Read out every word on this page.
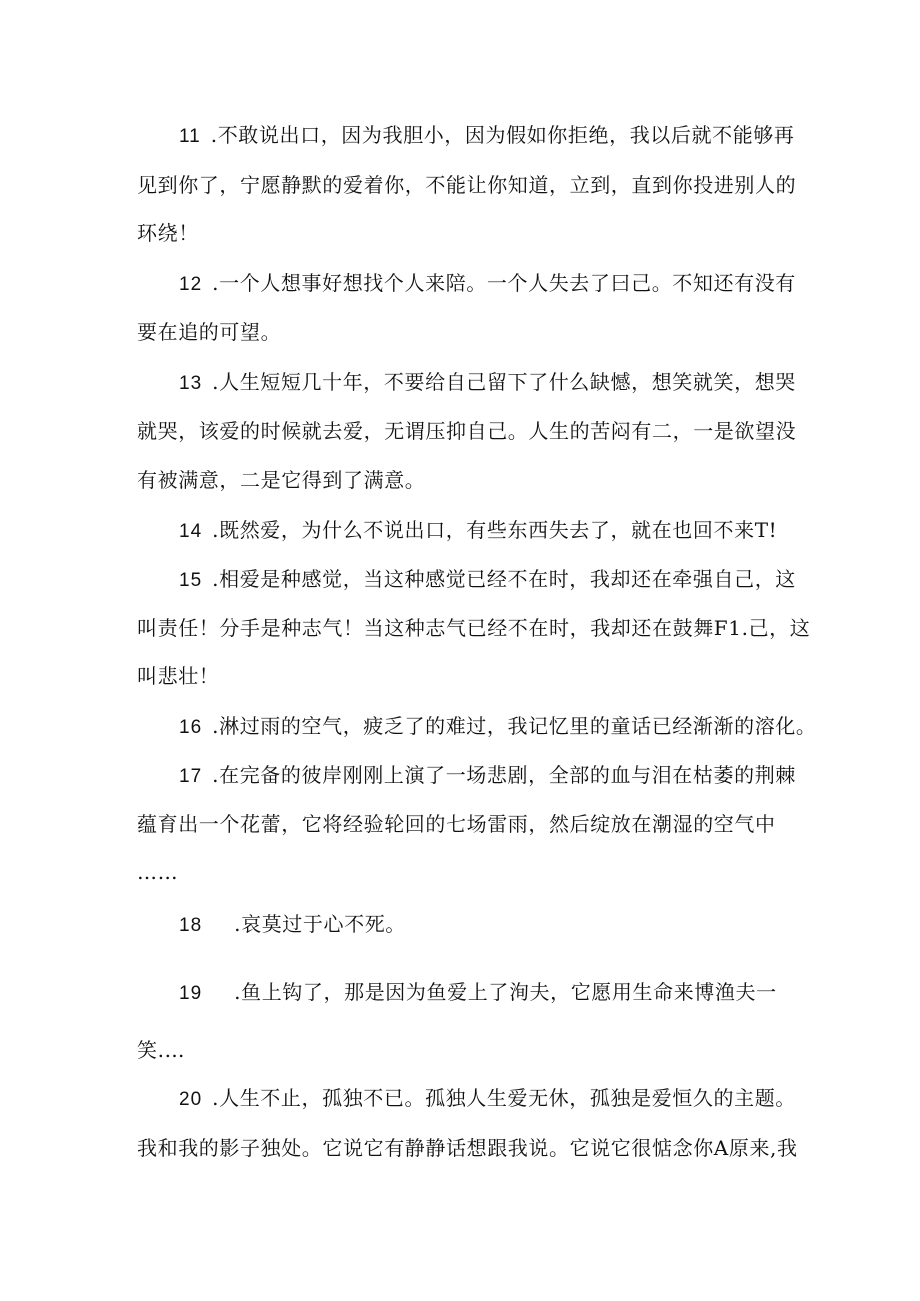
11 .不敢说出口，因为我胆小，因为假如你拒绝，我以后就不能够再
见到你了，宁愿静默的爱着你，不能让你知道，立到，直到你投进别人的
环绕！
12 .一个人想事好想找个人来陪。一个人失去了曰己。不知还有没有
要在追的可望。
13 .人生短短几十年，不要给自己留下了什么缺憾，想笑就笑，想哭
就哭，该爱的时候就去爱，无谓压抑自己。人生的苦闷有二，一是欲望没
有被满意，二是它得到了满意。
14 .既然爱，为什么不说出口，有些东西失去了，就在也回不来T!
15 .相爱是种感觉，当这种感觉已经不在时，我却还在牵强自己，这
叫责任！分手是种志气！当这种志气已经不在时，我却还在鼓舞F1.己，这
叫悲壮！
16 .淋过雨的空气，疲乏了的难过，我记忆里的童话已经渐渐的溶化。
17 .在完备的彼岸刚刚上演了一场悲剧，全部的血与泪在枯萎的荆棘
蕴育出一个花蕾，它将经验轮回的七场雷雨，然后绽放在潮湿的空气中
……
18 .哀莫过于心不死。
19 .鱼上钩了，那是因为鱼爱上了洵夫，它愿用生命来博渔夫一
笑.…
20 .人生不止，孤独不已。孤独人生爱无休，孤独是爱恒久的主题。
我和我的影子独处。它说它有静静话想跟我说。它说它很惦念你A原来,我
